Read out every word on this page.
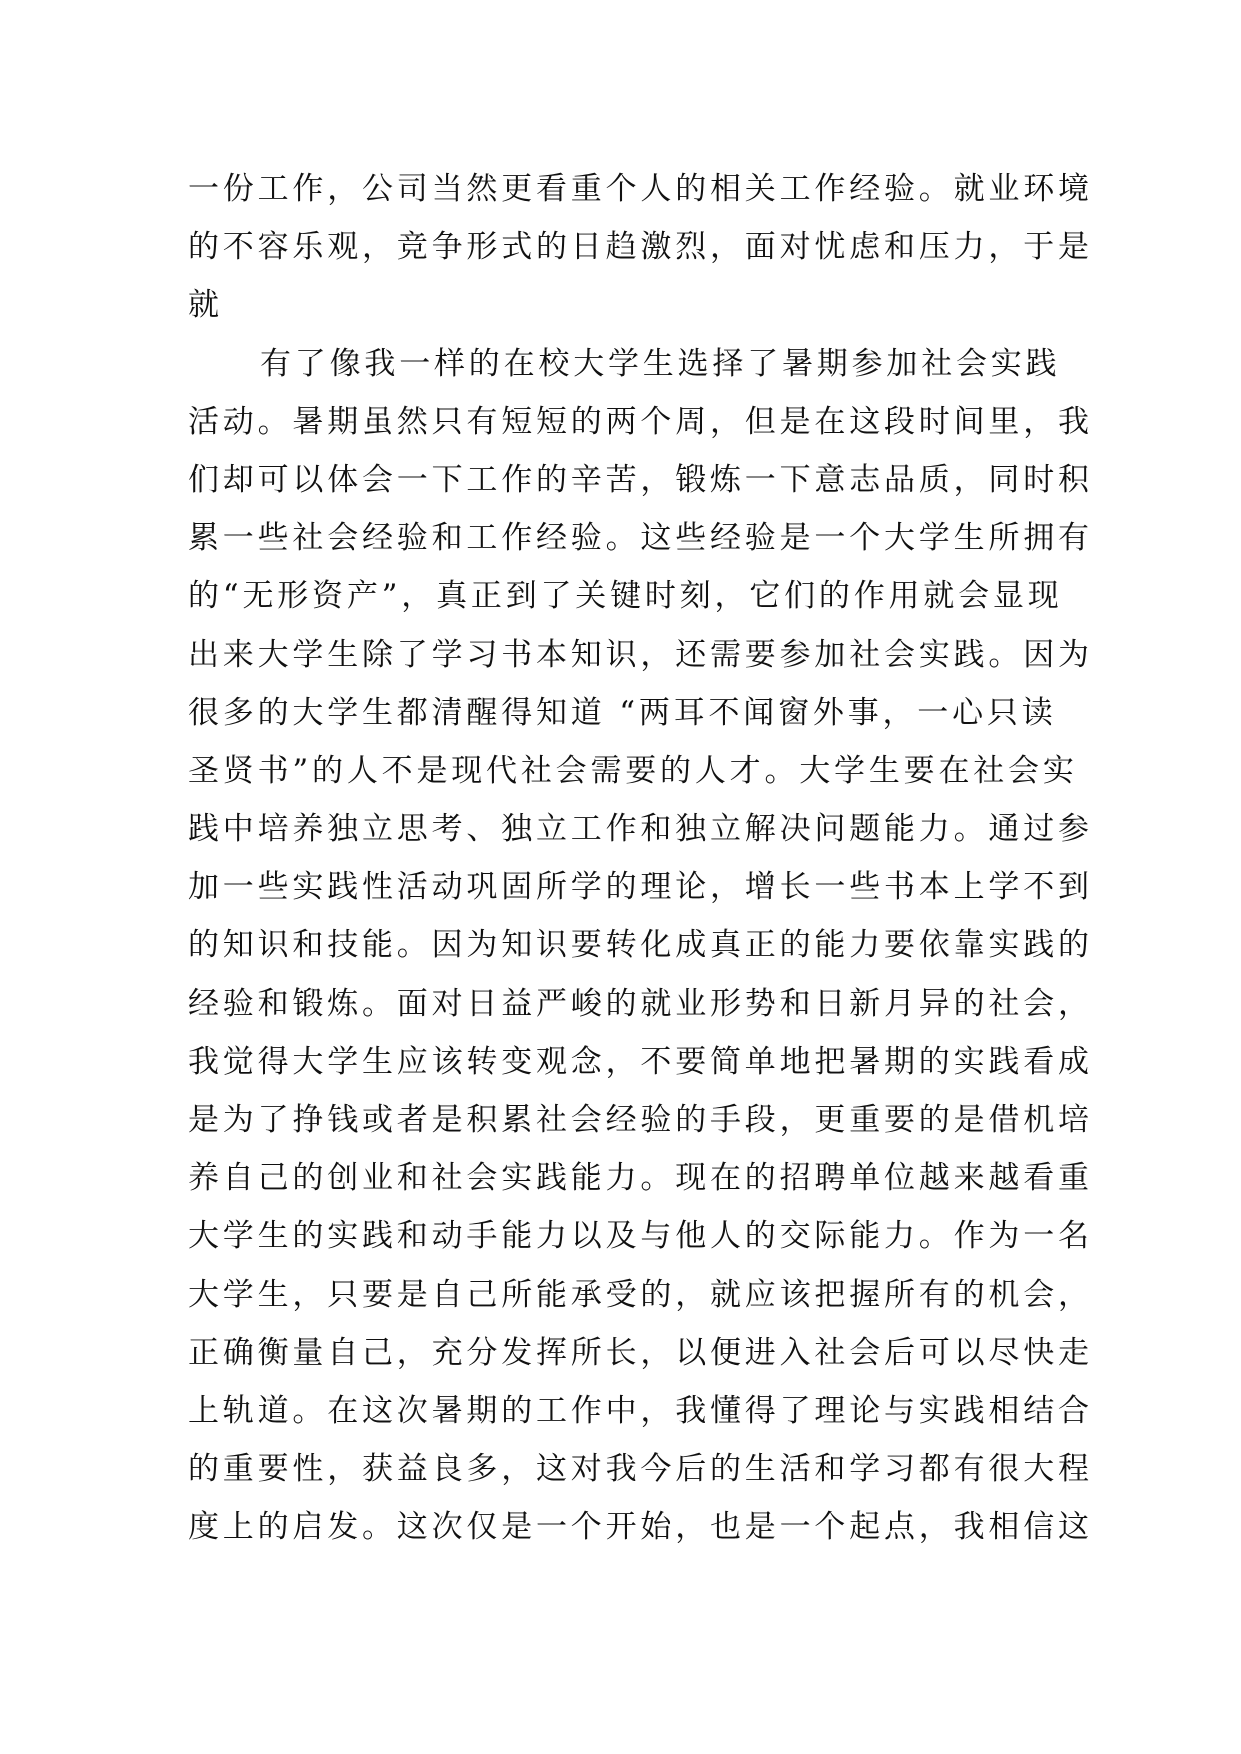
一份工作，公司当然更看重个人的相关工作经验。就业环境
的不容乐观，竞争形式的日趋激烈，面对忧虑和压力，于是
就
有了像我一样的在校大学生选择了暑期参加社会实践
活动。暑期虽然只有短短的两个周，但是在这段时间里，我
们却可以体会一下工作的辛苦，锻炼一下意志品质，同时积
累一些社会经验和工作经验。这些经验是一个大学生所拥有
的“无形资产”，真正到了关键时刻，它们的作用就会显现
出来大学生除了学习书本知识，还需要参加社会实践。因为
很多的大学生都清醒得知道 “两耳不闻窗外事，一心只读
圣贤书”的人不是现代社会需要的人才。大学生要在社会实
践中培养独立思考、独立工作和独立解决问题能力。通过参
加一些实践性活动巩固所学的理论，增长一些书本上学不到
的知识和技能。因为知识要转化成真正的能力要依靠实践的
经验和锻炼。面对日益严峻的就业形势和日新月异的社会，
我觉得大学生应该转变观念，不要简单地把暑期的实践看成
是为了挣钱或者是积累社会经验的手段，更重要的是借机培
养自己的创业和社会实践能力。现在的招聘单位越来越看重
大学生的实践和动手能力以及与他人的交际能力。作为一名
大学生，只要是自己所能承受的，就应该把握所有的机会，
正确衡量自己，充分发挥所长，以便进入社会后可以尽快走
上轨道。在这次暑期的工作中，我懂得了理论与实践相结合
的重要性，获益良多，这对我今后的生活和学习都有很大程
度上的启发。这次仅是一个开始，也是一个起点，我相信这
